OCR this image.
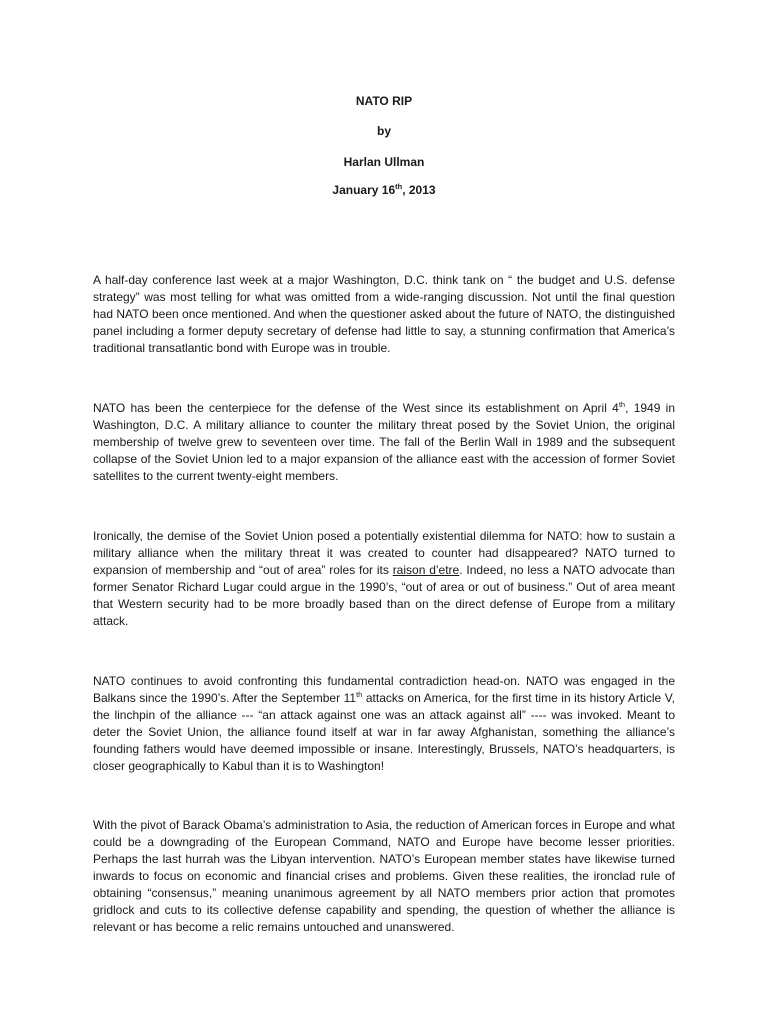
NATO RIP
by
Harlan Ullman
January 16th, 2013

A half-day conference last week at a major Washington, D.C. think tank on “ the budget and U.S. defense strategy” was most telling for what was omitted from a wide-ranging discussion. Not until the final question had NATO been once mentioned. And when the questioner asked about the future of NATO, the distinguished panel including a former deputy secretary of defense had little to say, a stunning confirmation that America’s traditional transatlantic bond with Europe was in trouble.

NATO has been the centerpiece for the defense of the West since its establishment on April 4th, 1949 in Washington, D.C. A military alliance to counter the military threat posed by the Soviet Union, the original membership of twelve grew to seventeen over time. The fall of the Berlin Wall in 1989 and the subsequent collapse of the Soviet Union led to a major expansion of the alliance east with the accession of former Soviet satellites to the current twenty-eight members.

Ironically, the demise of the Soviet Union posed a potentially existential dilemma for NATO: how to sustain a military alliance when the military threat it was created to counter had disappeared? NATO turned to expansion of membership and “out of area” roles for its raison d’etre. Indeed, no less a NATO advocate than former Senator Richard Lugar could argue in the 1990’s, “out of area or out of business.” Out of area meant that Western security had to be more broadly based than on the direct defense of Europe from a military attack.

NATO continues to avoid confronting this fundamental contradiction head-on. NATO was engaged in the Balkans since the 1990’s. After the September 11th attacks on America, for the first time in its history Article V, the linchpin of the alliance --- “an attack against one was an attack against all” ---- was invoked. Meant to deter the Soviet Union, the alliance found itself at war in far away Afghanistan, something the alliance’s founding fathers would have deemed impossible or insane. Interestingly, Brussels, NATO’s headquarters, is closer geographically to Kabul than it is to Washington!

With the pivot of Barack Obama’s administration to Asia, the reduction of American forces in Europe and what could be a downgrading of the European Command, NATO and Europe have become lesser priorities. Perhaps the last hurrah was the Libyan intervention. NATO’s European member states have likewise turned inwards to focus on economic and financial crises and problems. Given these realities, the ironclad rule of obtaining “consensus,” meaning unanimous agreement by all NATO members prior action that promotes gridlock and cuts to its collective defense capability and spending, the question of whether the alliance is relevant or has become a relic remains untouched and unanswered.
